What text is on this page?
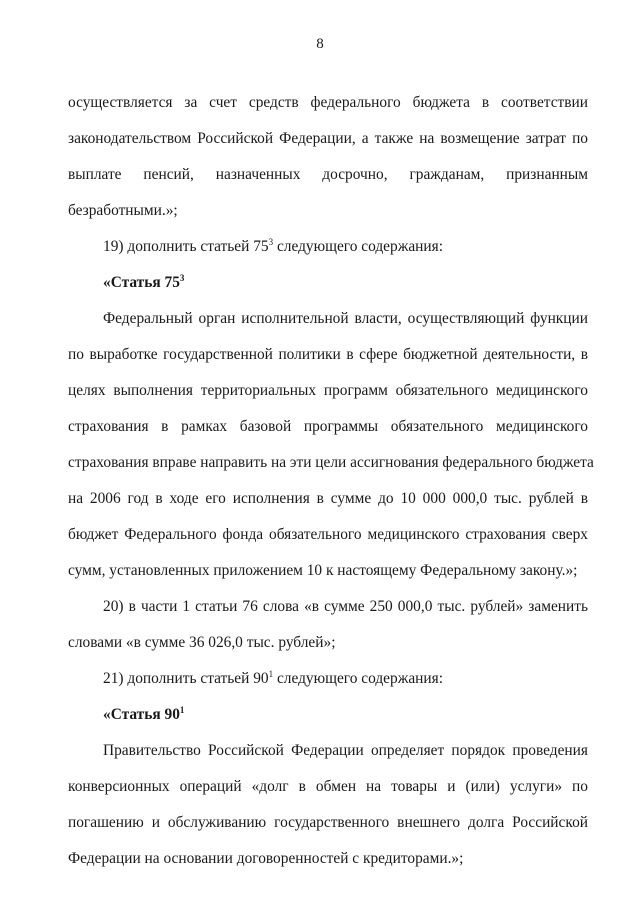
8
осуществляется за счет средств федерального бюджета в соответствии
законодательством Российской Федерации, а также на возмещение затрат по
выплате пенсий, назначенных досрочно, гражданам, признанным
безработными.»;
19) дополнить статьей $75^3$ следующего содержания:
«Статья $75^3$
Федеральный орган исполнительной власти, осуществляющий функции
по выработке государственной политики в сфере бюджетной деятельности, в
целях выполнения территориальных программ обязательного медицинского
страхования в рамках базовой программы обязательного медицинского
страхования вправе направить на эти цели ассигнования федерального бюджета
на 2006 год в ходе его исполнения в сумме до 10 000 000,0 тыс. рублей в
бюджет Федерального фонда обязательного медицинского страхования сверх
сумм, установленных приложением 10 к настоящему Федеральному закону.»;
20) в части 1 статьи 76 слова «в сумме 250 000,0 тыс. рублей» заменить
словами «в сумме 36 026,0 тыс. рублей»;
21) дополнить статьей $90^1$ следующего содержания:
«Статья $90^1$
Правительство Российской Федерации определяет порядок проведения
конверсионных операций «долг в обмен на товары и (или) услуги» по
погашению и обслуживанию государственного внешнего долга Российской
Федерации на основании договоренностей с кредиторами.»;
